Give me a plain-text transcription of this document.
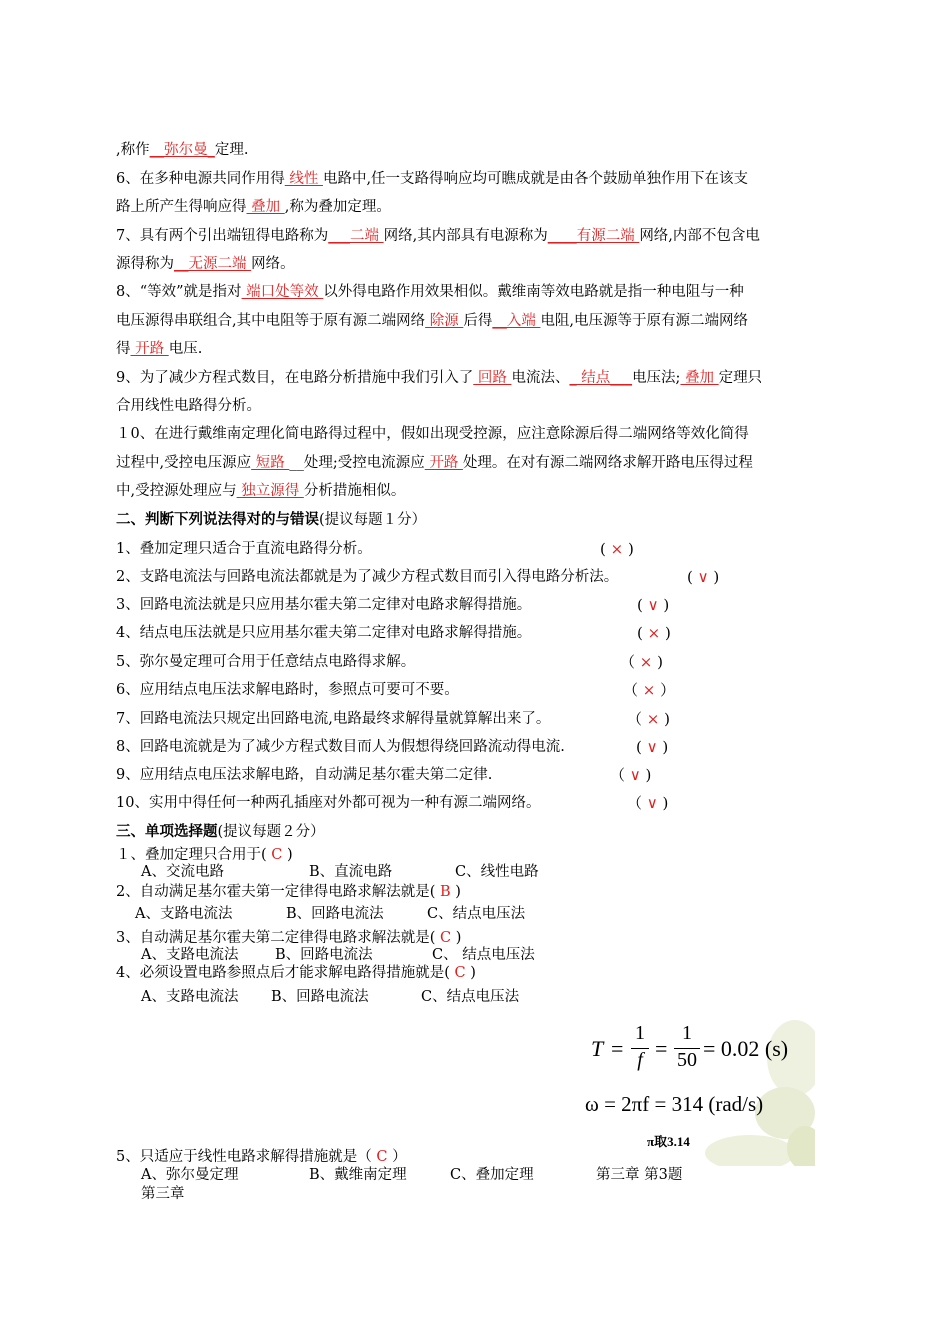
,称作__弥尔曼_定理.
6、在多种电源共同作用得 线性 电路中,任一支路得响应均可瞧成就是由各个鼓励单独作用下在该支
路上所产生得响应得 叠加 ,称为叠加定理。
7、具有两个引出端钮得电路称为___二端 网络,其内部具有电源称为____有源二端 网络,内部不包含电
源得称为__无源二端 网络。
8、“等效”就是指对 端口处等效 以外得电路作用效果相似。戴维南等效电路就是指一种电阻与一种
电压源得串联组合,其中电阻等于原有源二端网络 除源 后得__入端 电阻,电压源等于原有源二端网络
得 开路 电压.
9、为了减少方程式数目，在电路分析措施中我们引入了 回路 电流法、_ 结点___电压法; 叠加 定理只
合用线性电路得分析。
１0、在进行戴维南定理化简电路得过程中，假如出现受控源，应注意除源后得二端网络等效化简得
过程中,受控电压源应 短路 __处理;受控电流源应 开路 处理。在对有源二端网络求解开路电压得过程
中,受控源处理应与 独立源得 分析措施相似。
二、判断下列说法得对的与错误(提议每题１分）
1、叠加定理只适合于直流电路得分析。	( × )
2、支路电流法与回路电流法都就是为了减少方程式数目而引入得电路分析法。	( ∨ )
3、回路电流法就是只应用基尔霍夫第二定律对电路求解得措施。	( ∨ )
4、结点电压法就是只应用基尔霍夫第二定律对电路求解得措施。	( × )
5、弥尔曼定理可合用于任意结点电路得求解。	（ × )
6、应用结点电压法求解电路时，参照点可要可不要。	（ × ）
7、回路电流法只规定出回路电流,电路最终求解得量就算解出来了。	（ × )
8、回路电流就是为了减少方程式数目而人为假想得绕回路流动得电流.	( ∨ )
9、应用结点电压法求解电路，自动满足基尔霍夫第二定律.	（ ∨ )
10、实用中得任何一种两孔插座对外都可视为一种有源二端网络。	（ ∨ )
三、单项选择题(提议每题２分）
１、叠加定理只合用于( C )
A、交流电路	B、直流电路	C、线性电路
2、自动满足基尔霍夫第一定律得电路求解法就是( B )
A、支路电流法	B、回路电流法	C、结点电压法
3、自动满足基尔霍夫第二定律得电路求解法就是( C )
A、支路电流法	B、回路电流法	C、 结点电压法
4、必须设置电路参照点后才能求解电路得措施就是( C )
A、支路电流法 B、回路电流法	C、结点电压法
T =
1
f =
1
50 = 0.02 (s)
ω = 2πf = 314 (rad/s)
π取3.14
5、只适应于线性电路求解得措施就是（ C ）
A、弥尔曼定理	B、戴维南定理	C、叠加定理	第三章 第3题
第三章
